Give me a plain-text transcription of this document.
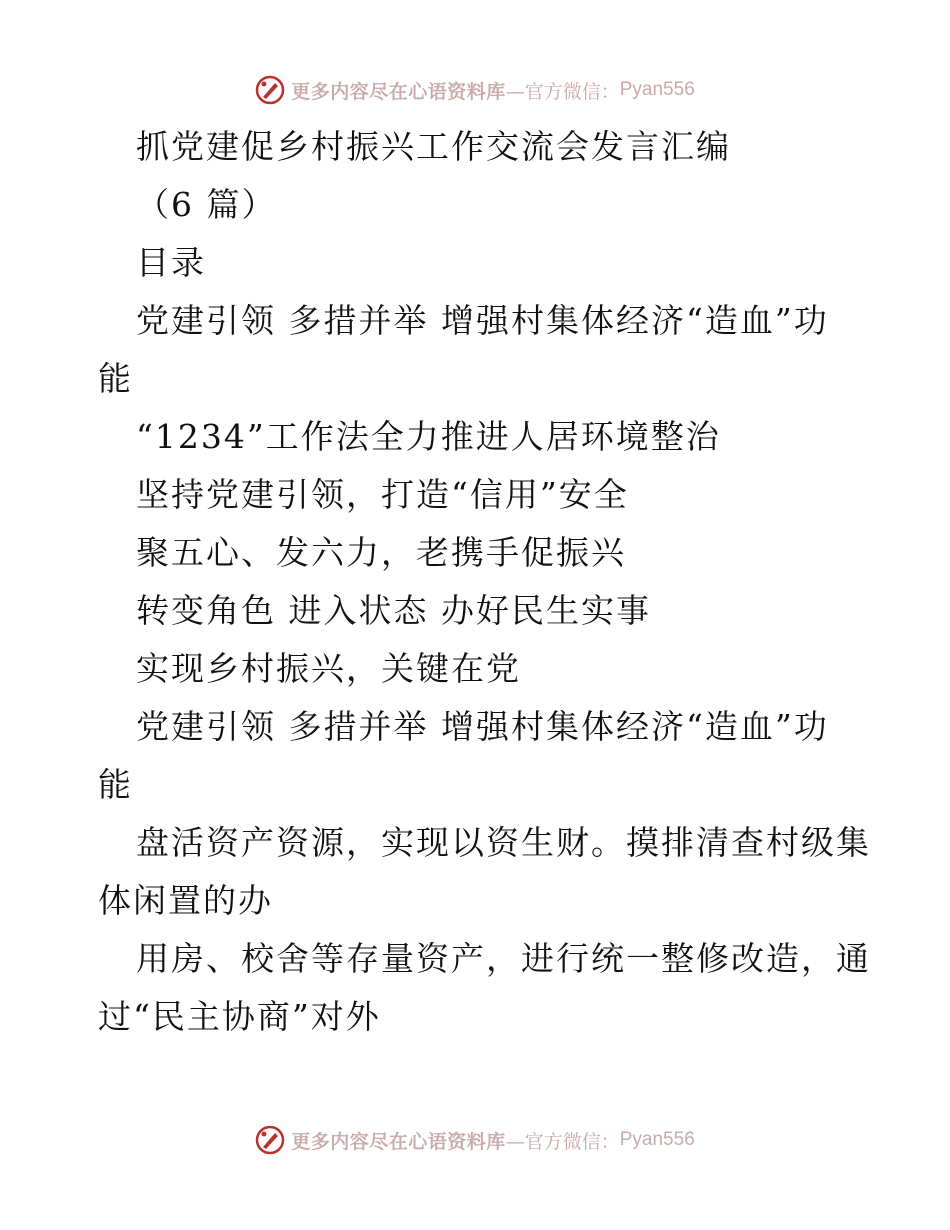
更多内容尽在心语资料库 —官方微信： Pyan556

抓党建促乡村振兴工作交流会发言汇编

（6 篇）

目录

党建引领 多措并举 增强村集体经济“造血”功

能

“1234”工作法全力推进人居环境整治

坚持党建引领，打造“信用”安全

聚五心、发六力，老携手促振兴

转变角色 进入状态 办好民生实事

实现乡村振兴，关键在党

党建引领 多措并举 增强村集体经济“造血”功

能

盘活资产资源，实现以资生财。摸排清查村级集

体闲置的办

用房、校舍等存量资产，进行统一整修改造，通

过“民主协商”对外

更多内容尽在心语资料库 —官方微信： Pyan556
